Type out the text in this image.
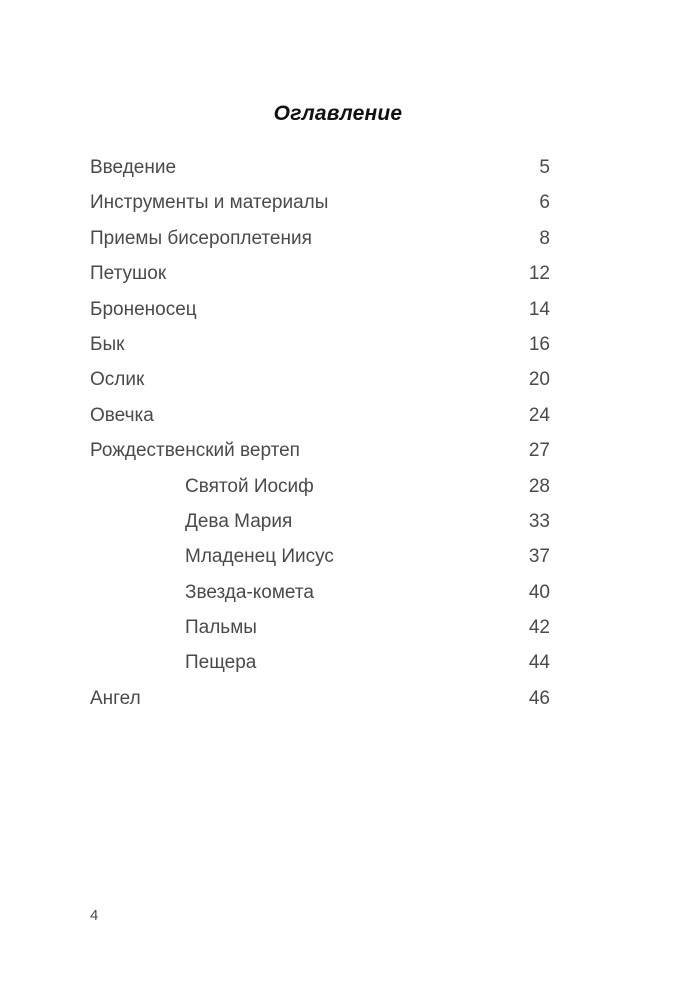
Оглавление
Введение	5
Инструменты и материалы	6
Приемы бисероплетения	8
Петушок	12
Броненосец	14
Бык	16
Ослик	20
Овечка	24
Рождественский вертеп	27
Святой Иосиф	28
Дева Мария	33
Младенец Иисус	37
Звезда-комета	40
Пальмы	42
Пещера	44
Ангел	46
4
